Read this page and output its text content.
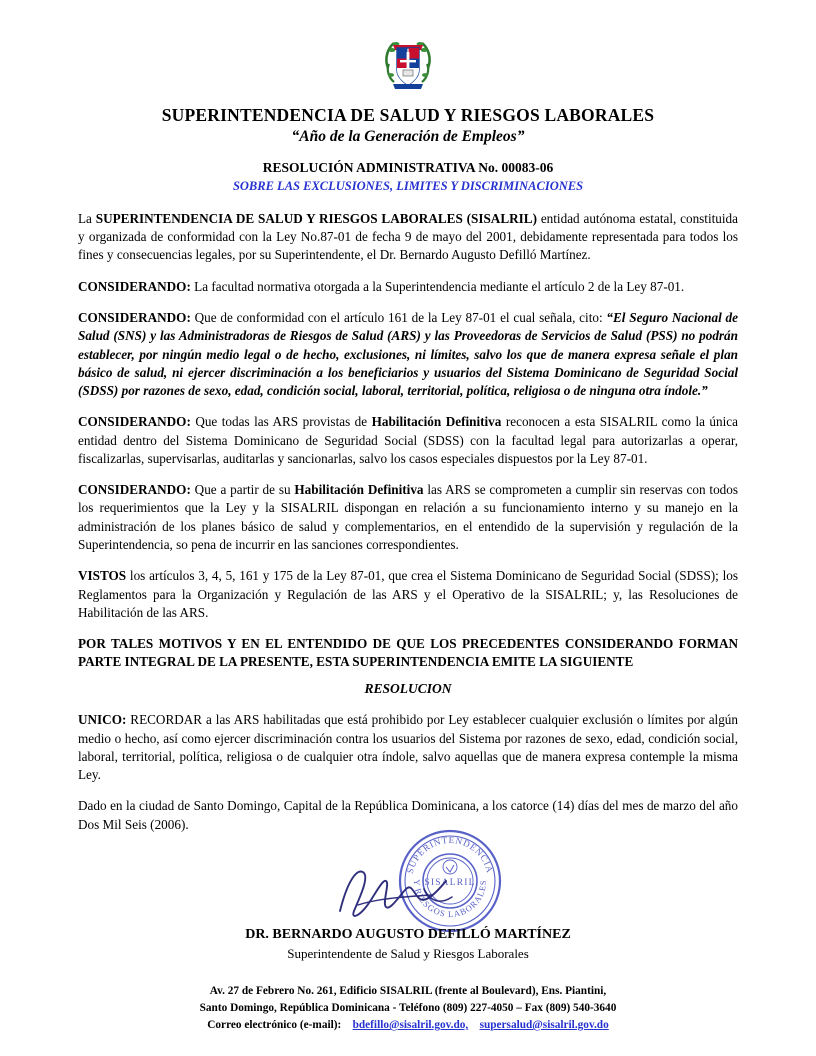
SUPERINTENDENCIA DE SALUD Y RIESGOS LABORALES
“Año de la Generación de Empleos”
RESOLUCIÓN ADMINISTRATIVA No. 00083-06
SOBRE LAS EXCLUSIONES, LIMITES Y DISCRIMINACIONES

La SUPERINTENDENCIA DE SALUD Y RIESGOS LABORALES (SISALRIL) entidad autónoma estatal, constituida y organizada de conformidad con la Ley No.87-01 de fecha 9 de mayo del 2001, debidamente representada para todos los fines y consecuencias legales, por su Superintendente, el Dr. Bernardo Augusto Defilló Martínez.

CONSIDERANDO: La facultad normativa otorgada a la Superintendencia mediante el artículo 2 de la Ley 87-01.

CONSIDERANDO: Que de conformidad con el artículo 161 de la Ley 87-01 el cual señala, cito: “El Seguro Nacional de Salud (SNS) y las Administradoras de Riesgos de Salud (ARS) y las Proveedoras de Servicios de Salud (PSS) no podrán establecer, por ningún medio legal o de hecho, exclusiones, ni límites, salvo los que de manera expresa señale el plan básico de salud, ni ejercer discriminación a los beneficiarios y usuarios del Sistema Dominicano de Seguridad Social (SDSS) por razones de sexo, edad, condición social, laboral, territorial, política, religiosa o de ninguna otra índole.”

CONSIDERANDO: Que todas las ARS provistas de Habilitación Definitiva reconocen a esta SISALRIL como la única entidad dentro del Sistema Dominicano de Seguridad Social (SDSS) con la facultad legal para autorizarlas a operar, fiscalizarlas, supervisarlas, auditarlas y sancionarlas, salvo los casos especiales dispuestos por la Ley 87-01.

CONSIDERANDO: Que a partir de su Habilitación Definitiva las ARS se comprometen a cumplir sin reservas con todos los requerimientos que la Ley y la SISALRIL dispongan en relación a su funcionamiento interno y su manejo en la administración de los planes básico de salud y complementarios, en el entendido de la supervisión y regulación de la Superintendencia, so pena de incurrir en las sanciones correspondientes.

VISTOS los artículos 3, 4, 5, 161 y 175 de la Ley 87-01, que crea el Sistema Dominicano de Seguridad Social (SDSS); los Reglamentos para la Organización y Regulación de las ARS y el Operativo de la SISALRIL; y, las Resoluciones de Habilitación de las ARS.

POR TALES MOTIVOS Y EN EL ENTENDIDO DE QUE LOS PRECEDENTES CONSIDERANDO FORMAN PARTE INTEGRAL DE LA PRESENTE, ESTA SUPERINTENDENCIA EMITE LA SIGUIENTE

RESOLUCION

UNICO: RECORDAR a las ARS habilitadas que está prohibido por Ley establecer cualquier exclusión o límites por algún medio o hecho, así como ejercer discriminación contra los usuarios del Sistema por razones de sexo, edad, condición social, laboral, territorial, política, religiosa o de cualquier otra índole, salvo aquellas que de manera expresa contemple la misma Ley.

Dado en la ciudad de Santo Domingo, Capital de la República Dominicana, a los catorce (14) días del mes de marzo del año Dos Mil Seis (2006).

SUPERINTENDENCIA
Y RIESGOS LABORALES
SISALRIL
DR. BERNARDO AUGUSTO DEFILLÓ MARTÍNEZ
Superintendente de Salud y Riesgos Laborales
Av. 27 de Febrero No. 261, Edificio SISALRIL (frente al Boulevard), Ens. Piantini,
Santo Domingo, República Dominicana - Teléfono (809) 227-4050 – Fax (809) 540-3640
Correo electrónico (e-mail): bdefillo@sisalril.gov.do, supersalud@sisalril.gov.do
